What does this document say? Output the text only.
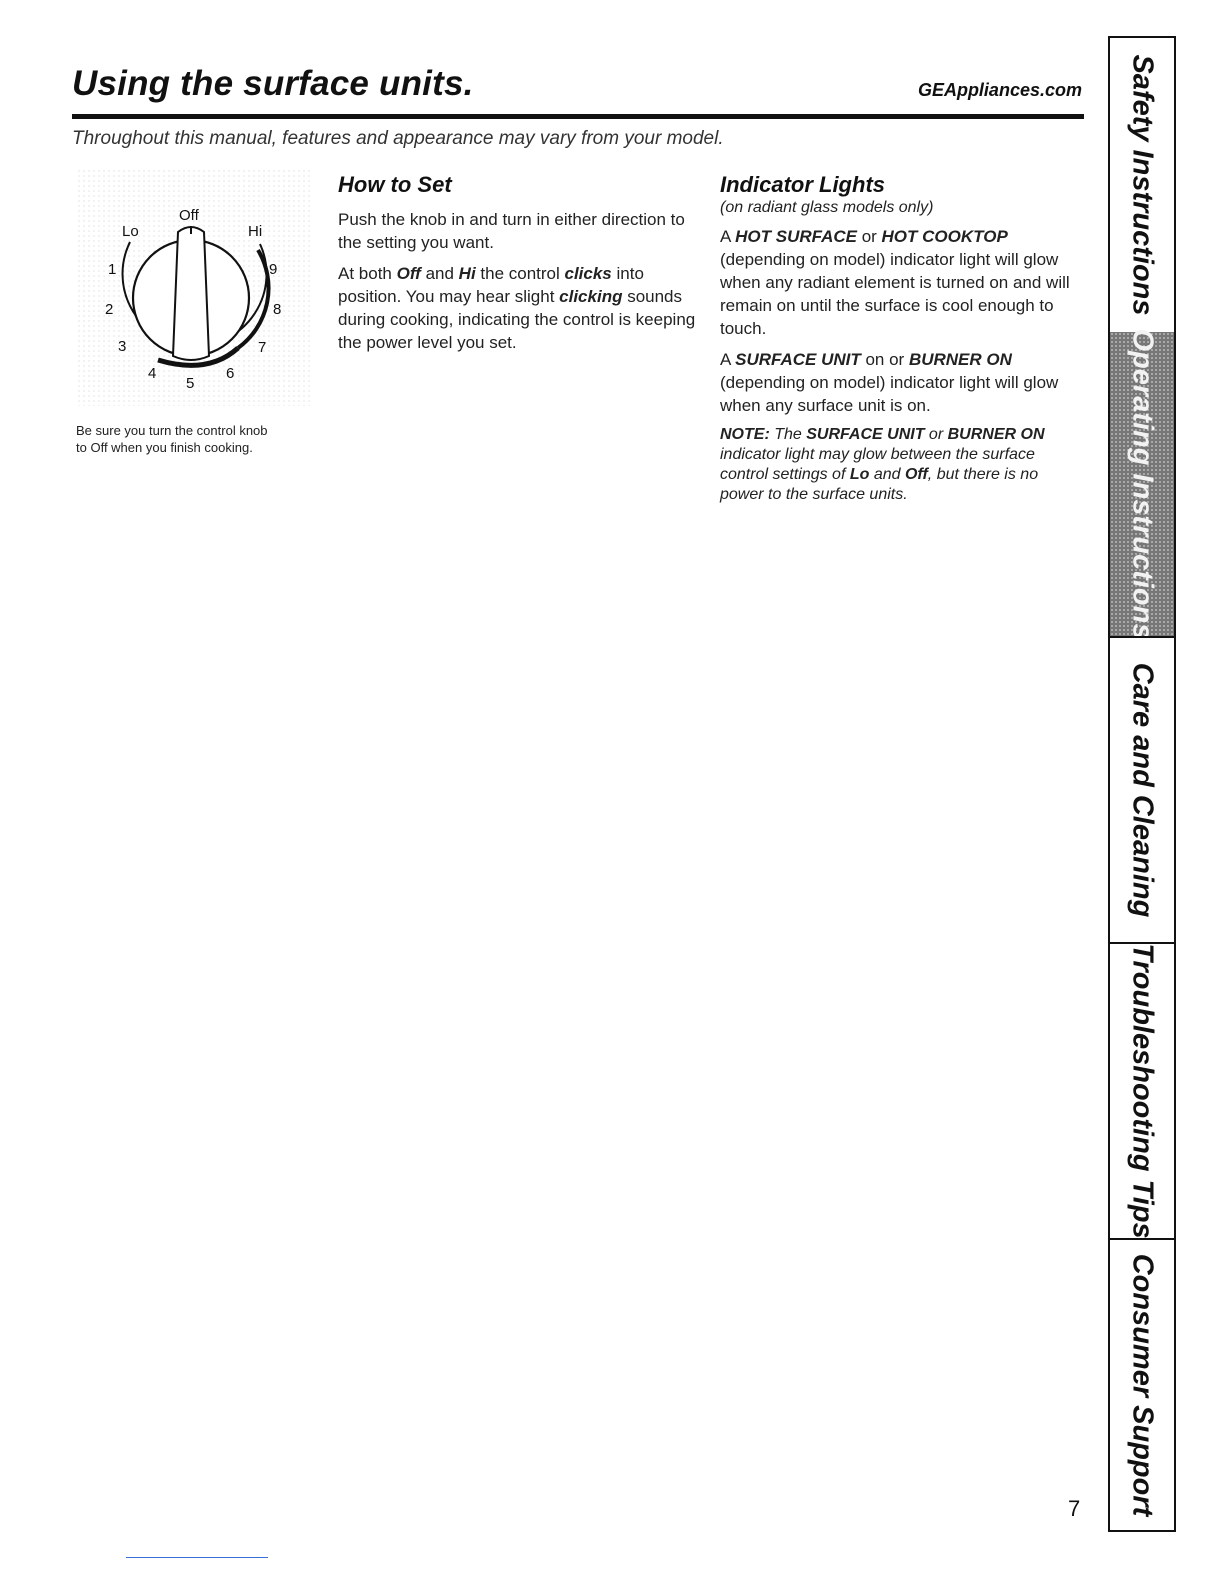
Using the surface units.	GEAppliances.com

Throughout this manual, features and appearance may vary from your model.

Off
Lo	Hi
1
2
3
4
5
6
7
8
9
Be sure you turn the control knob
to Off when you finish cooking.
How to Set

Push the knob in and turn in either direction to the setting you want.

At both Off and Hi the control clicks into position. You may hear slight clicking sounds during cooking, indicating the control is keeping the power level you set.

Indicator Lights

(on radiant glass models only)

A HOT SURFACE or HOT COOKTOP (depending on model) indicator light will glow when any radiant element is turned on and will remain on until the surface is cool enough to touch.

A SURFACE UNIT on or BURNER ON (depending on model) indicator light will glow when any surface unit is on.

NOTE: The SURFACE UNIT or BURNER ON indicator light may glow between the surface control settings of Lo and Off, but there is no power to the surface units.

Safety Instructions
Operating Instructions
Care and Cleaning
Troubleshooting Tips
Consumer Support
7
